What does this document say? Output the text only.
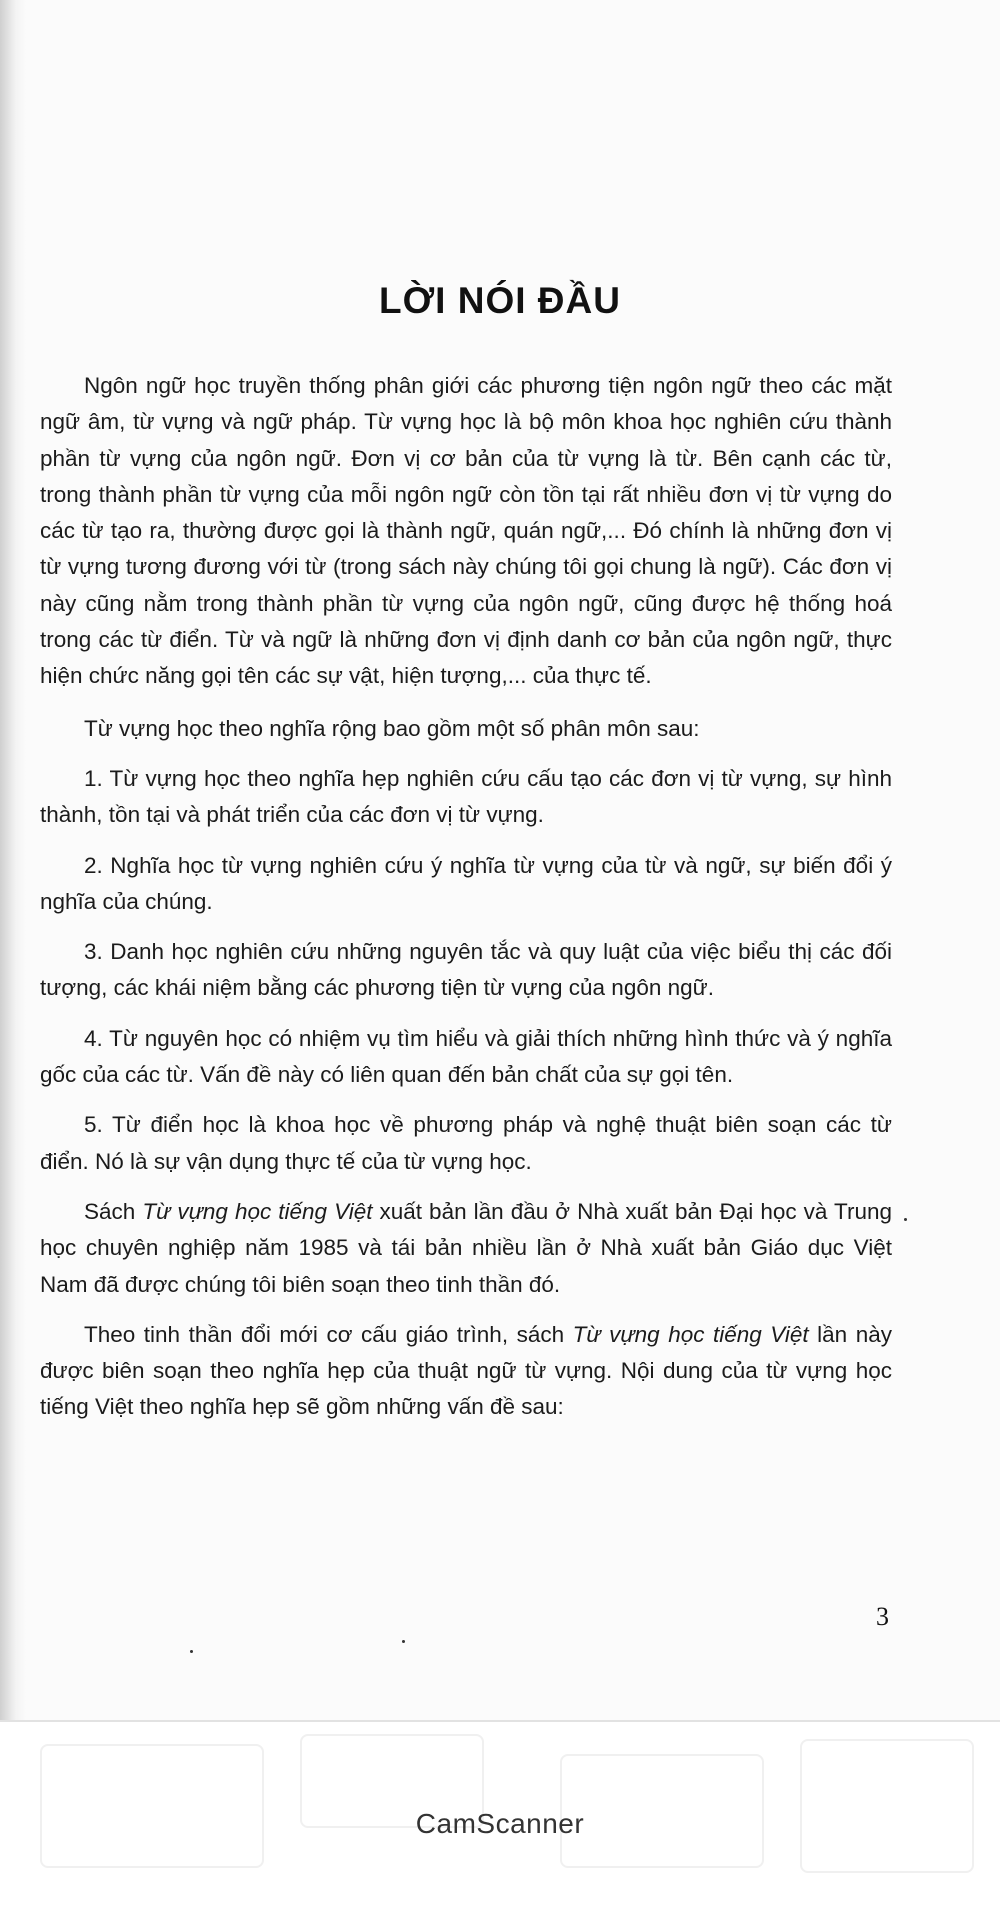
LỜI NÓI ĐẦU

Ngôn ngữ học truyền thống phân giới các phương tiện ngôn ngữ theo các mặt ngữ âm, từ vựng và ngữ pháp. Từ vựng học là bộ môn khoa học nghiên cứu thành phần từ vựng của ngôn ngữ. Đơn vị cơ bản của từ vựng là từ. Bên cạnh các từ, trong thành phần từ vựng của mỗi ngôn ngữ còn tồn tại rất nhiều đơn vị từ vựng do các từ tạo ra, thường được gọi là thành ngữ, quán ngữ,... Đó chính là những đơn vị từ vựng tương đương với từ (trong sách này chúng tôi gọi chung là ngữ). Các đơn vị này cũng nằm trong thành phần từ vựng của ngôn ngữ, cũng được hệ thống hoá trong các từ điển. Từ và ngữ là những đơn vị định danh cơ bản của ngôn ngữ, thực hiện chức năng gọi tên các sự vật, hiện tượng,... của thực tế.

Từ vựng học theo nghĩa rộng bao gồm một số phân môn sau:

1. Từ vựng học theo nghĩa hẹp nghiên cứu cấu tạo các đơn vị từ vựng, sự hình thành, tồn tại và phát triển của các đơn vị từ vựng.

2. Nghĩa học từ vựng nghiên cứu ý nghĩa từ vựng của từ và ngữ, sự biến đổi ý nghĩa của chúng.

3. Danh học nghiên cứu những nguyên tắc và quy luật của việc biểu thị các đối tượng, các khái niệm bằng các phương tiện từ vựng của ngôn ngữ.

4. Từ nguyên học có nhiệm vụ tìm hiểu và giải thích những hình thức và ý nghĩa gốc của các từ. Vấn đề này có liên quan đến bản chất của sự gọi tên.

5. Từ điển học là khoa học về phương pháp và nghệ thuật biên soạn các từ điển. Nó là sự vận dụng thực tế của từ vựng học.

Sách Từ vựng học tiếng Việt xuất bản lần đầu ở Nhà xuất bản Đại học và Trung học chuyên nghiệp năm 1985 và tái bản nhiều lần ở Nhà xuất bản Giáo dục Việt Nam đã được chúng tôi biên soạn theo tinh thần đó.

Theo tinh thần đổi mới cơ cấu giáo trình, sách Từ vựng học tiếng Việt lần này được biên soạn theo nghĩa hẹp của thuật ngữ từ vựng. Nội dung của từ vựng học tiếng Việt theo nghĩa hẹp sẽ gồm những vấn đề sau:

3
CamScanner
